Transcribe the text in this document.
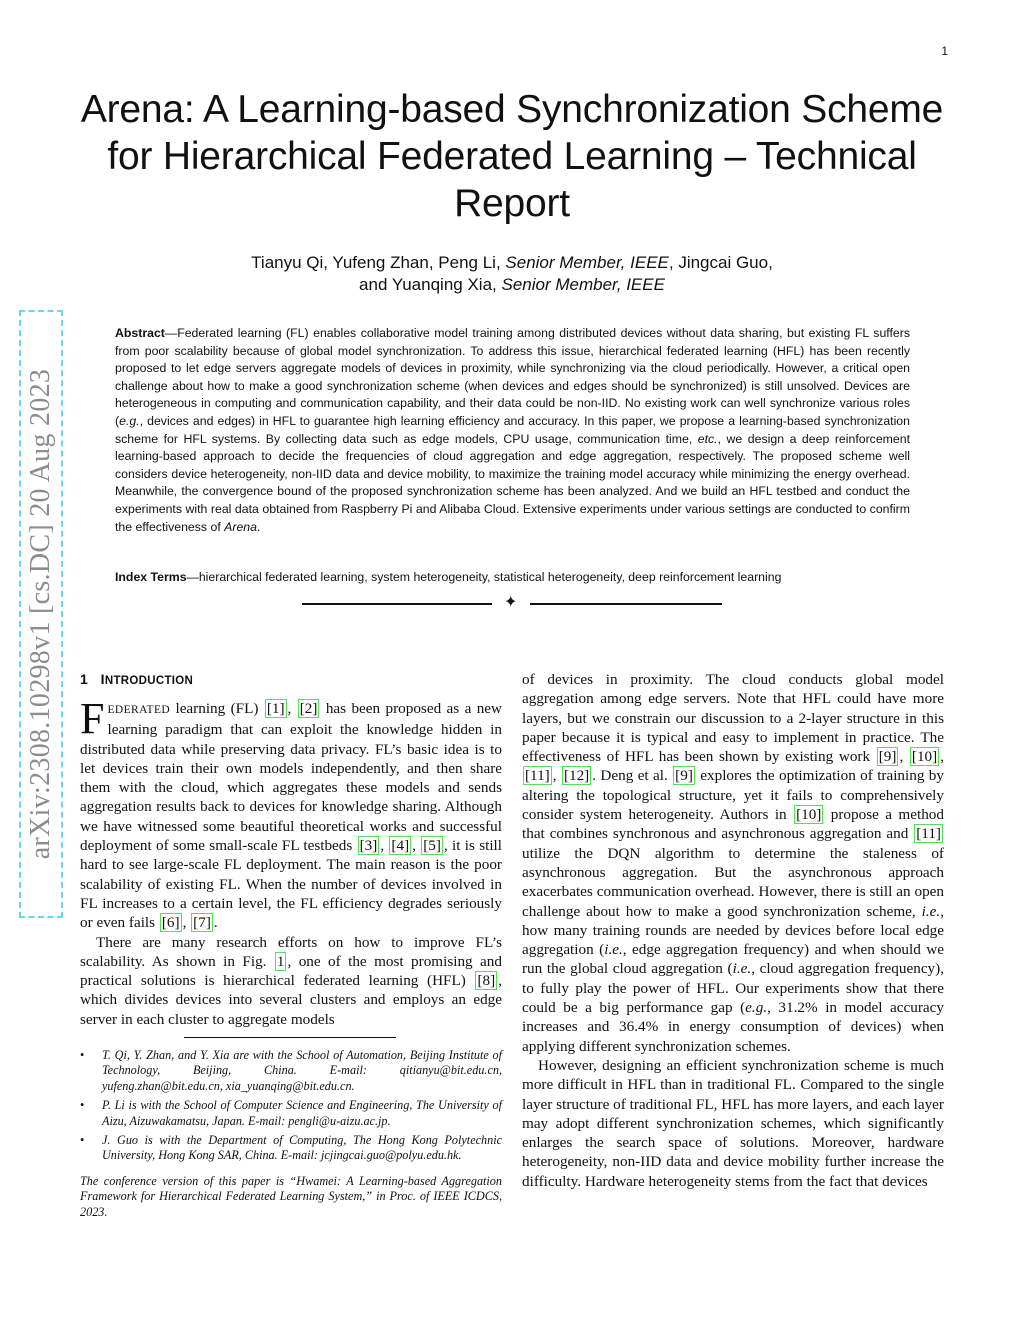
1
Arena: A Learning-based Synchronization Scheme for Hierarchical Federated Learning – Technical Report
Tianyu Qi, Yufeng Zhan, Peng Li, Senior Member, IEEE, Jingcai Guo,
and Yuanqing Xia, Senior Member, IEEE
Abstract—Federated learning (FL) enables collaborative model training among distributed devices without data sharing, but existing FL suffers from poor scalability because of global model synchronization. To address this issue, hierarchical federated learning (HFL) has been recently proposed to let edge servers aggregate models of devices in proximity, while synchronizing via the cloud periodically. However, a critical open challenge about how to make a good synchronization scheme (when devices and edges should be synchronized) is still unsolved. Devices are heterogeneous in computing and communication capability, and their data could be non-IID. No existing work can well synchronize various roles (e.g., devices and edges) in HFL to guarantee high learning efficiency and accuracy. In this paper, we propose a learning-based synchronization scheme for HFL systems. By collecting data such as edge models, CPU usage, communication time, etc., we design a deep reinforcement learning-based approach to decide the frequencies of cloud aggregation and edge aggregation, respectively. The proposed scheme well considers device heterogeneity, non-IID data and device mobility, to maximize the training model accuracy while minimizing the energy overhead. Meanwhile, the convergence bound of the proposed synchronization scheme has been analyzed. And we build an HFL testbed and conduct the experiments with real data obtained from Raspberry Pi and Alibaba Cloud. Extensive experiments under various settings are conducted to confirm the effectiveness of Arena.
Index Terms—hierarchical federated learning, system heterogeneity, statistical heterogeneity, deep reinforcement learning
✦
arXiv:2308.10298v1 [cs.DC] 20 Aug 2023 1 INTRODUCTION

FEDERATED learning (FL) [1] , [2] has been proposed as a new learning paradigm that can exploit the knowledge hidden in distributed data while preserving data privacy. FL’s basic idea is to let devices train their own models independently, and then share them with the cloud, which aggregates these models and sends aggregation results back to devices for knowledge sharing. Although we have witnessed some beautiful theoretical works and successful deployment of some small-scale FL testbeds [3] , [4] , [5] , it is still hard to see large-scale FL deployment. The main reason is the poor scalability of existing FL. When the number of devices involved in FL increases to a certain level, the FL efficiency degrades seriously or even fails [6] , [7] .

There are many research efforts on how to improve FL’s scalability. As shown in Fig. 1 , one of the most promising and practical solutions is hierarchical federated learning (HFL) [8] , which divides devices into several clusters and employs an edge server in each cluster to aggregate models

• T. Qi, Y. Zhan, and Y. Xia are with the School of Automation, Beijing Institute of Technology, Beijing, China. E-mail: qitianyu@bit.edu.cn, yufeng.zhan@bit.edu.cn, xia_yuanqing@bit.edu.cn.
• P. Li is with the School of Computer Science and Engineering, The University of Aizu, Aizuwakamatsu, Japan. E-mail: pengli@u-aizu.ac.jp.
• J. Guo is with the Department of Computing, The Hong Kong Polytechnic University, Hong Kong SAR, China. E-mail: jcjingcai.guo@polyu.edu.hk.
The conference version of this paper is “Hwamei: A Learning-based Aggregation Framework for Hierarchical Federated Learning System,” in Proc. of IEEE ICDCS, 2023.

of devices in proximity. The cloud conducts global model aggregation among edge servers. Note that HFL could have more layers, but we constrain our discussion to a 2-layer structure in this paper because it is typical and easy to implement in practice. The effectiveness of HFL has been shown by existing work [9] , [10] , [11] , [12] . Deng et al. [9] explores the optimization of training by altering the topological structure, yet it fails to comprehensively consider system heterogeneity. Authors in [10] propose a method that combines synchronous and asynchronous aggregation and [11] utilize the DQN algorithm to determine the staleness of asynchronous aggregation. But the asynchronous approach exacerbates communication overhead. However, there is still an open challenge about how to make a good synchronization scheme, i.e., how many training rounds are needed by devices before local edge aggregation (i.e., edge aggregation frequency) and when should we run the global cloud aggregation (i.e., cloud aggregation frequency), to fully play the power of HFL. Our experiments show that there could be a big performance gap (e.g., 31.2% in model accuracy increases and 36.4% in energy consumption of devices) when applying different synchronization schemes.

However, designing an efficient synchronization scheme is much more difficult in HFL than in traditional FL. Compared to the single layer structure of traditional FL, HFL has more layers, and each layer may adopt different synchronization schemes, which significantly enlarges the search space of solutions. Moreover, hardware heterogeneity, non-IID data and device mobility further increase the difficulty. Hardware heterogeneity stems from the fact that devices
